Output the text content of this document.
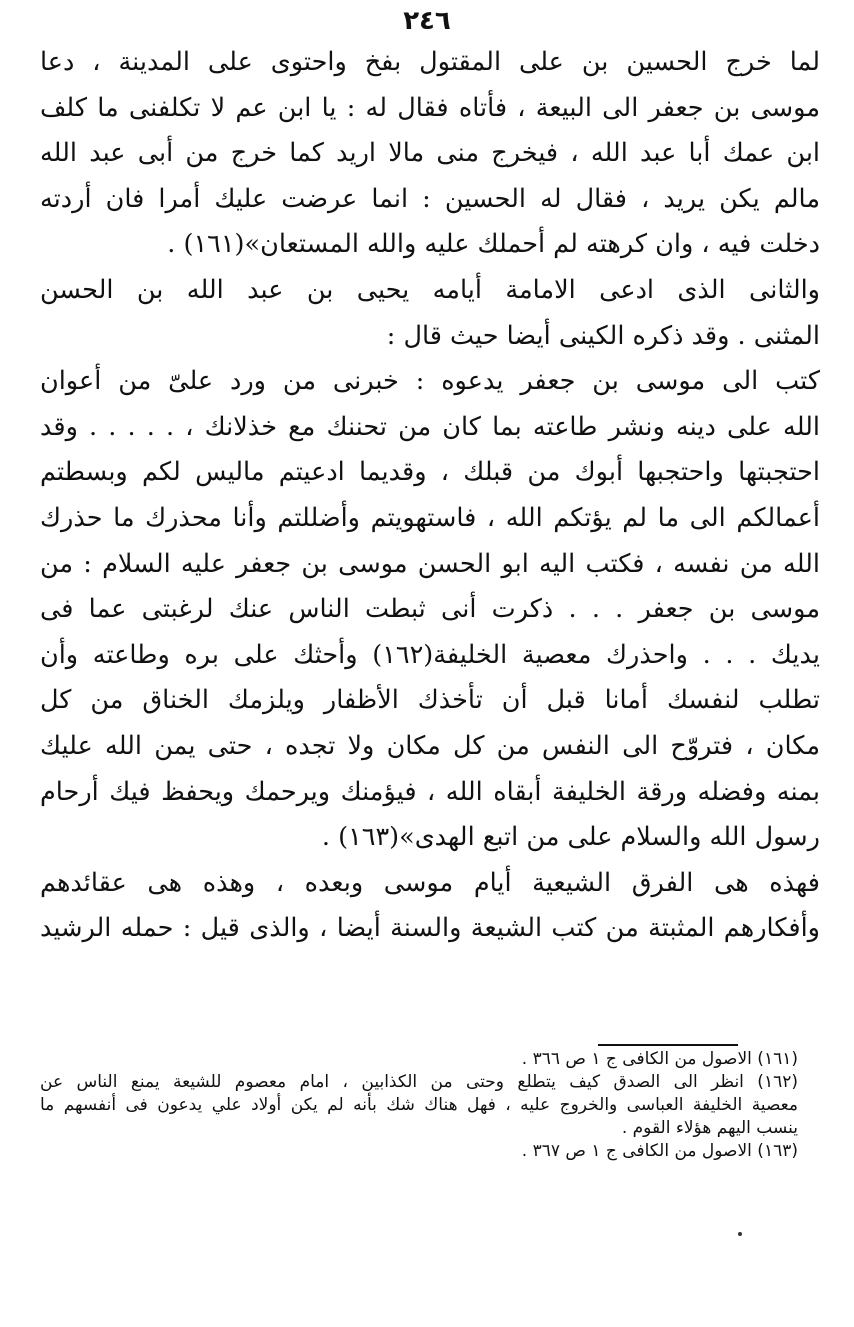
٢٤٦
لما خرج الحسين بن على المقتول بفخ واحتوى على المدينة ، دعا
موسى بن جعفر الى البيعة ، فأتاه فقال له : يا ابن عم لا تكلفنى ما كلف
ابن عمك أبا عبد الله ، فيخرج منى مالا اريد كما خرج من أبى عبد الله
مالم يكن يريد ، فقال له الحسين : انما عرضت عليك أمرا فان أردته
دخلت فيه ، وان كرهته لم أحملك عليه والله المستعان»(١٦١) .
والثانى الذى ادعى الامامة أيامه يحيى بن عبد الله بن الحسن
المثنى . وقد ذكره الكينى أيضا حيث قال :
كتب الى موسى بن جعفر يدعوه : خبرنى من ورد علىّ من أعوان
الله على دينه ونشر طاعته بما كان من تحننك مع خذلانك ، . . . . . وقد
احتجبتها واحتجبها أبوك من قبلك ، وقديما ادعيتم ماليس لكم وبسطتم
أعمالكم الى ما لم يؤتكم الله ، فاستهويتم وأضللتم وأنا محذرك ما حذرك
الله من نفسه ، فكتب اليه ابو الحسن موسى بن جعفر عليه السلام : من
موسى بن جعفر . . . ذكرت أنى ثبطت الناس عنك لرغبتى عما فى
يديك . . . واحذرك معصية الخليفة(١٦٢) وأحثك على بره وطاعته وأن
تطلب لنفسك أمانا قبل أن تأخذك الأظفار ويلزمك الخناق من كل
مكان ، فتروّح الى النفس من كل مكان ولا تجده ، حتى يمن الله عليك
بمنه وفضله ورقة الخليفة أبقاه الله ، فيؤمنك ويرحمك ويحفظ فيك أرحام
رسول الله والسلام على من اتبع الهدى»(١٦٣) .
فهذه هى الفرق الشيعية أيام موسى وبعده ، وهذه هى عقائدهم
وأفكارهم المثبتة من كتب الشيعة والسنة أيضا ، والذى قيل : حمله الرشيد
(١٦١) الاصول من الكافى ج ١ ص ٣٦٦ .
(١٦٢) انظر الى الصدق كيف يتطلع وحتى من الكذابين ، امام معصوم للشيعة يمنع الناس عن
معصية الخليفة العباسى والخروج عليه ، فهل هناك شك بأنه لم يكن أولاد علي يدعون فى أنفسهم ما
ينسب اليهم هؤلاء القوم .
(١٦٣) الاصول من الكافى ج ١ ص ٣٦٧ .
